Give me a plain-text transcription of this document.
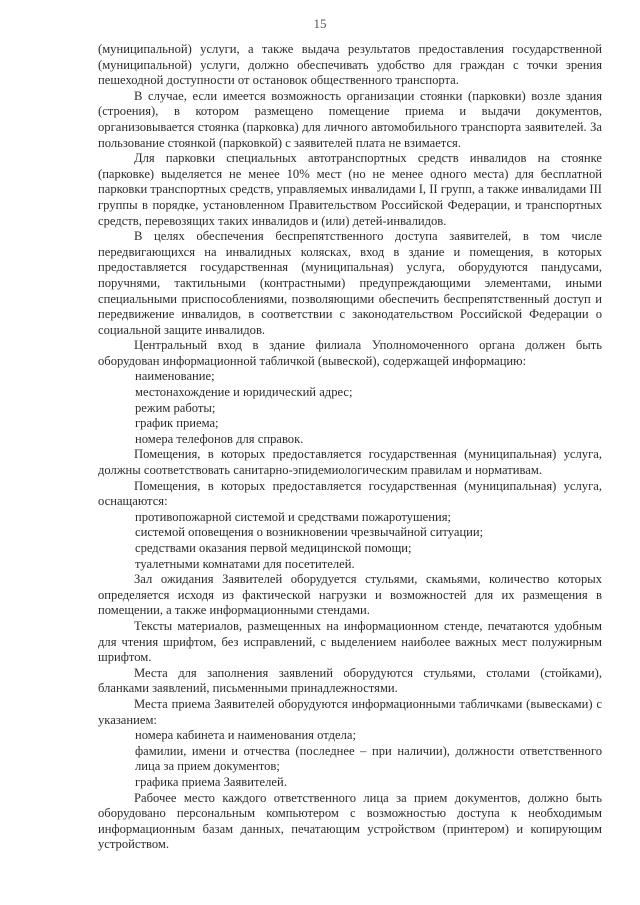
15

(муниципальной) услуги, а также выдача результатов предоставления государственной (муниципальной) услуги, должно обеспечивать удобство для граждан с точки зрения пешеходной доступности от остановок общественного транспорта.

В случае, если имеется возможность организации стоянки (парковки) возле здания (строения), в котором размещено помещение приема и выдачи документов, организовывается стоянка (парковка) для личного автомобильного транспорта заявителей. За пользование стоянкой (парковкой) с заявителей плата не взимается.

Для парковки специальных автотранспортных средств инвалидов на стоянке (парковке) выделяется не менее 10% мест (но не менее одного места) для бесплатной парковки транспортных средств, управляемых инвалидами I, II групп, а также инвалидами III группы в порядке, установленном Правительством Российской Федерации, и транспортных средств, перевозящих таких инвалидов и (или) детей-инвалидов.

В целях обеспечения беспрепятственного доступа заявителей, в том числе передвигающихся на инвалидных колясках, вход в здание и помещения, в которых предоставляется государственная (муниципальная) услуга, оборудуются пандусами, поручнями, тактильными (контрастными) предупреждающими элементами, иными специальными приспособлениями, позволяющими обеспечить беспрепятственный доступ и передвижение инвалидов, в соответствии с законодательством Российской Федерации о социальной защите инвалидов.

Центральный вход в здание филиала Уполномоченного органа должен быть оборудован информационной табличкой (вывеской), содержащей информацию:

наименование;

местонахождение и юридический адрес;

режим работы;

график приема;

номера телефонов для справок.

Помещения, в которых предоставляется государственная (муниципальная) услуга, должны соответствовать санитарно-эпидемиологическим правилам и нормативам.

Помещения, в которых предоставляется государственная (муниципальная) услуга, оснащаются:

противопожарной системой и средствами пожаротушения;

системой оповещения о возникновении чрезвычайной ситуации;

средствами оказания первой медицинской помощи;

туалетными комнатами для посетителей.

Зал ожидания Заявителей оборудуется стульями, скамьями, количество которых определяется исходя из фактической нагрузки и возможностей для их размещения в помещении, а также информационными стендами.

Тексты материалов, размещенных на информационном стенде, печатаются удобным для чтения шрифтом, без исправлений, с выделением наиболее важных мест полужирным шрифтом.

Места для заполнения заявлений оборудуются стульями, столами (стойками), бланками заявлений, письменными принадлежностями.

Места приема Заявителей оборудуются информационными табличками (вывесками) с указанием:

номера кабинета и наименования отдела;

фамилии, имени и отчества (последнее – при наличии), должности ответственного лица за прием документов;

графика приема Заявителей.

Рабочее место каждого ответственного лица за прием документов, должно быть оборудовано персональным компьютером с возможностью доступа к необходимым информационным базам данных, печатающим устройством (принтером) и копирующим устройством.
